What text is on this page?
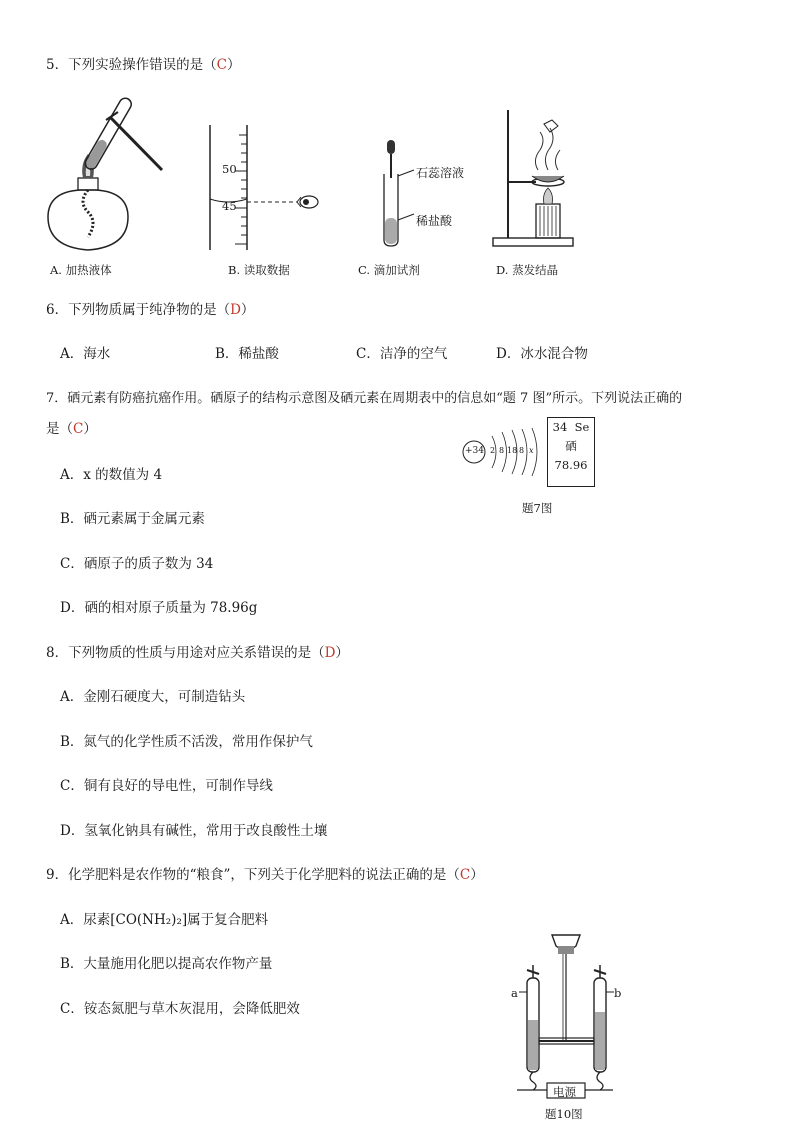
5．下列实验操作错误的是（C）
A. 加热液体
50
45
B. 读取数据
石蕊溶液
稀盐酸
C. 滴加试剂	D. 蒸发结晶
6．下列物质属于纯净物的是（D）
A．海水	B．稀盐酸	C．洁净的空气	D．冰水混合物
7．硒元素有防癌抗癌作用。硒原子的结构示意图及硒元素在周期表中的信息如“题 7 图”所示。下列说法正确的
是（C）
A．x 的数值为 4
B．硒元素属于金属元素
C．硒原子的质子数为 34
D．硒的相对原子质量为 78.96g
+34 2 8 18 8 x
34 Se
硒
78.96
题7图
8．下列物质的性质与用途对应关系错误的是（D）
A．金刚石硬度大，可制造钻头
B．氮气的化学性质不活泼，常用作保护气
C．铜有良好的导电性，可制作导线
D．氢氧化钠具有碱性，常用于改良酸性土壤
9．化学肥料是农作物的“粮食”，下列关于化学肥料的说法正确的是（C）
A．尿素[CO(NH₂)₂]属于复合肥料
B．大量施用化肥以提高农作物产量
C．铵态氮肥与草木灰混用，会降低肥效
a	b
电源
题10图
